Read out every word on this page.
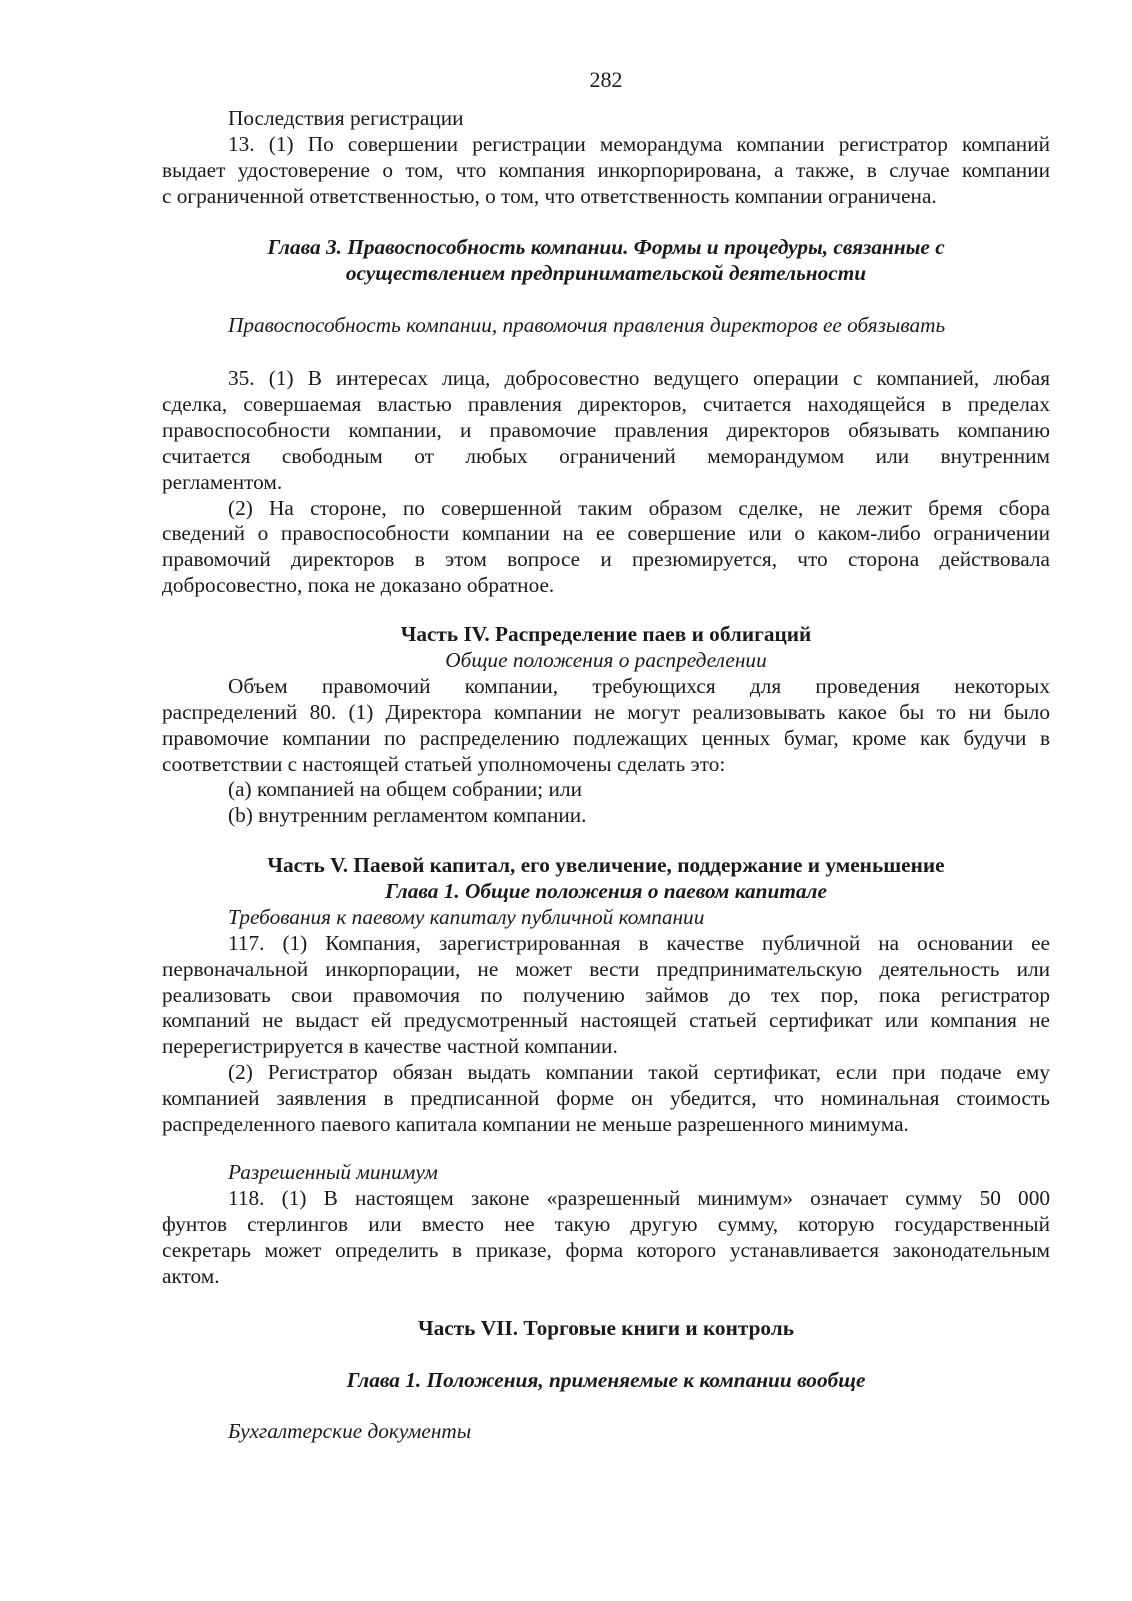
282

Последствия регистрации

13. (1) По совершении регистрации меморандума компании регистратор компаний

выдает удостоверение о том, что компания инкорпорирована, а также, в случае компании

с ограниченной ответственностью, о том, что ответственность компании ограничена.

Глава 3. Правоспособность компании. Формы и процедуры, связанные с

осуществлением предпринимательской деятельности

Правоспособность компании, правомочия правления директоров ее обязывать

35. (1) В интересах лица, добросовестно ведущего операции с компанией, любая

сделка, совершаемая властью правления директоров, считается находящейся в пределах

правоспособности компании, и правомочие правления директоров обязывать компанию

считается свободным от любых ограничений меморандумом или внутренним

регламентом.

(2) На стороне, по совершенной таким образом сделке, не лежит бремя сбора

сведений о правоспособности компании на ее совершение или о каком-либо ограничении

правомочий директоров в этом вопросе и презюмируется, что сторона действовала

добросовестно, пока не доказано обратное.

Часть IV. Распределение паев и облигаций

Общие положения о распределении

Объем правомочий компании, требующихся для проведения некоторых

распределений 80. (1) Директора компании не могут реализовывать какое бы то ни было

правомочие компании по распределению подлежащих ценных бумаг, кроме как будучи в

соответствии с настоящей статьей уполномочены сделать это:

(a) компанией на общем собрании; или

(b) внутренним регламентом компании.

Часть V. Паевой капитал, его увеличение, поддержание и уменьшение

Глава 1. Общие положения о паевом капитале

Требования к паевому капиталу публичной компании

117. (1) Компания, зарегистрированная в качестве публичной на основании ее

первоначальной инкорпорации, не может вести предпринимательскую деятельность или

реализовать свои правомочия по получению займов до тех пор, пока регистратор

компаний не выдаст ей предусмотренный настоящей статьей сертификат или компания не

перерегистрируется в качестве частной компании.

(2) Регистратор обязан выдать компании такой сертификат, если при подаче ему

компанией заявления в предписанной форме он убедится, что номинальная стоимость

распределенного паевого капитала компании не меньше разрешенного минимума.

Разрешенный минимум

118. (1) В настоящем законе «разрешенный минимум» означает сумму 50 000

фунтов стерлингов или вместо нее такую другую сумму, которую государственный

секретарь может определить в приказе, форма которого устанавливается законодательным

актом.

Часть VII. Торговые книги и контроль

Глава 1. Положения, применяемые к компании вообще

Бухгалтерские документы
